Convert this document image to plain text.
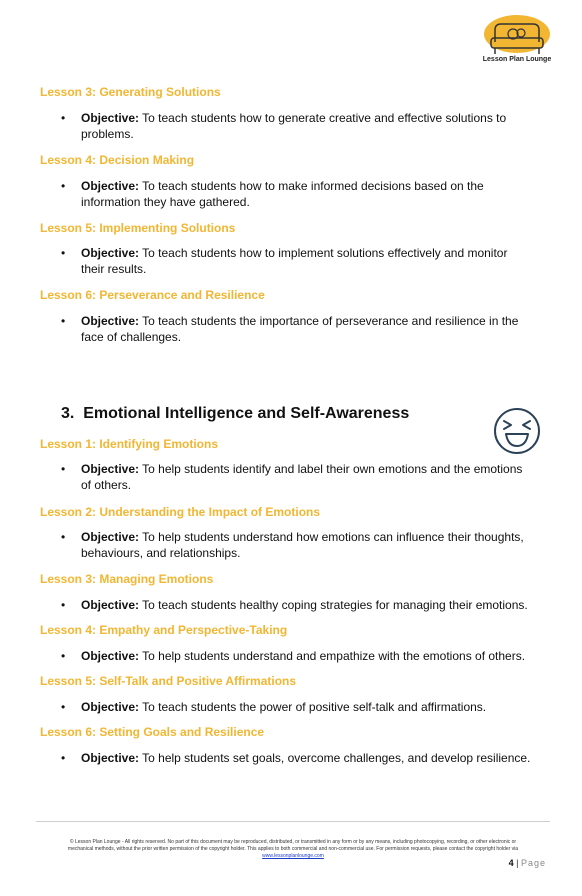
Lesson Plan Lounge
Lesson 3: Generating Solutions
• Objective: To teach students how to generate creative and effective solutions to
problems.
Lesson 4: Decision Making
• Objective: To teach students how to make informed decisions based on the
information they have gathered.
Lesson 5: Implementing Solutions
• Objective: To teach students how to implement solutions effectively and monitor
their results.
Lesson 6: Perseverance and Resilience
• Objective: To teach students the importance of perseverance and resilience in the
face of challenges.
3. Emotional Intelligence and Self-Awareness
Lesson 1: Identifying Emotions
• Objective: To help students identify and label their own emotions and the emotions
of others.
Lesson 2: Understanding the Impact of Emotions
• Objective: To help students understand how emotions can influence their thoughts,
behaviours, and relationships.
Lesson 3: Managing Emotions
• Objective: To teach students healthy coping strategies for managing their emotions.
Lesson 4: Empathy and Perspective-Taking
• Objective: To help students understand and empathize with the emotions of others.
Lesson 5: Self-Talk and Positive Affirmations
• Objective: To teach students the power of positive self-talk and affirmations.
Lesson 6: Setting Goals and Resilience
• Objective: To help students set goals, overcome challenges, and develop resilience.
© Lesson Plan Lounge - All rights reserved. No part of this document may be reproduced, distributed, or transmitted in any form or by any means, including photocopying, recording, or other electronic or
mechanical methods, without the prior written permission of the copyright holder. This applies to both commercial and non-commercial use. For permission requests, please contact the copyright holder via
www.lessonplanlounge.com
4 | Page
